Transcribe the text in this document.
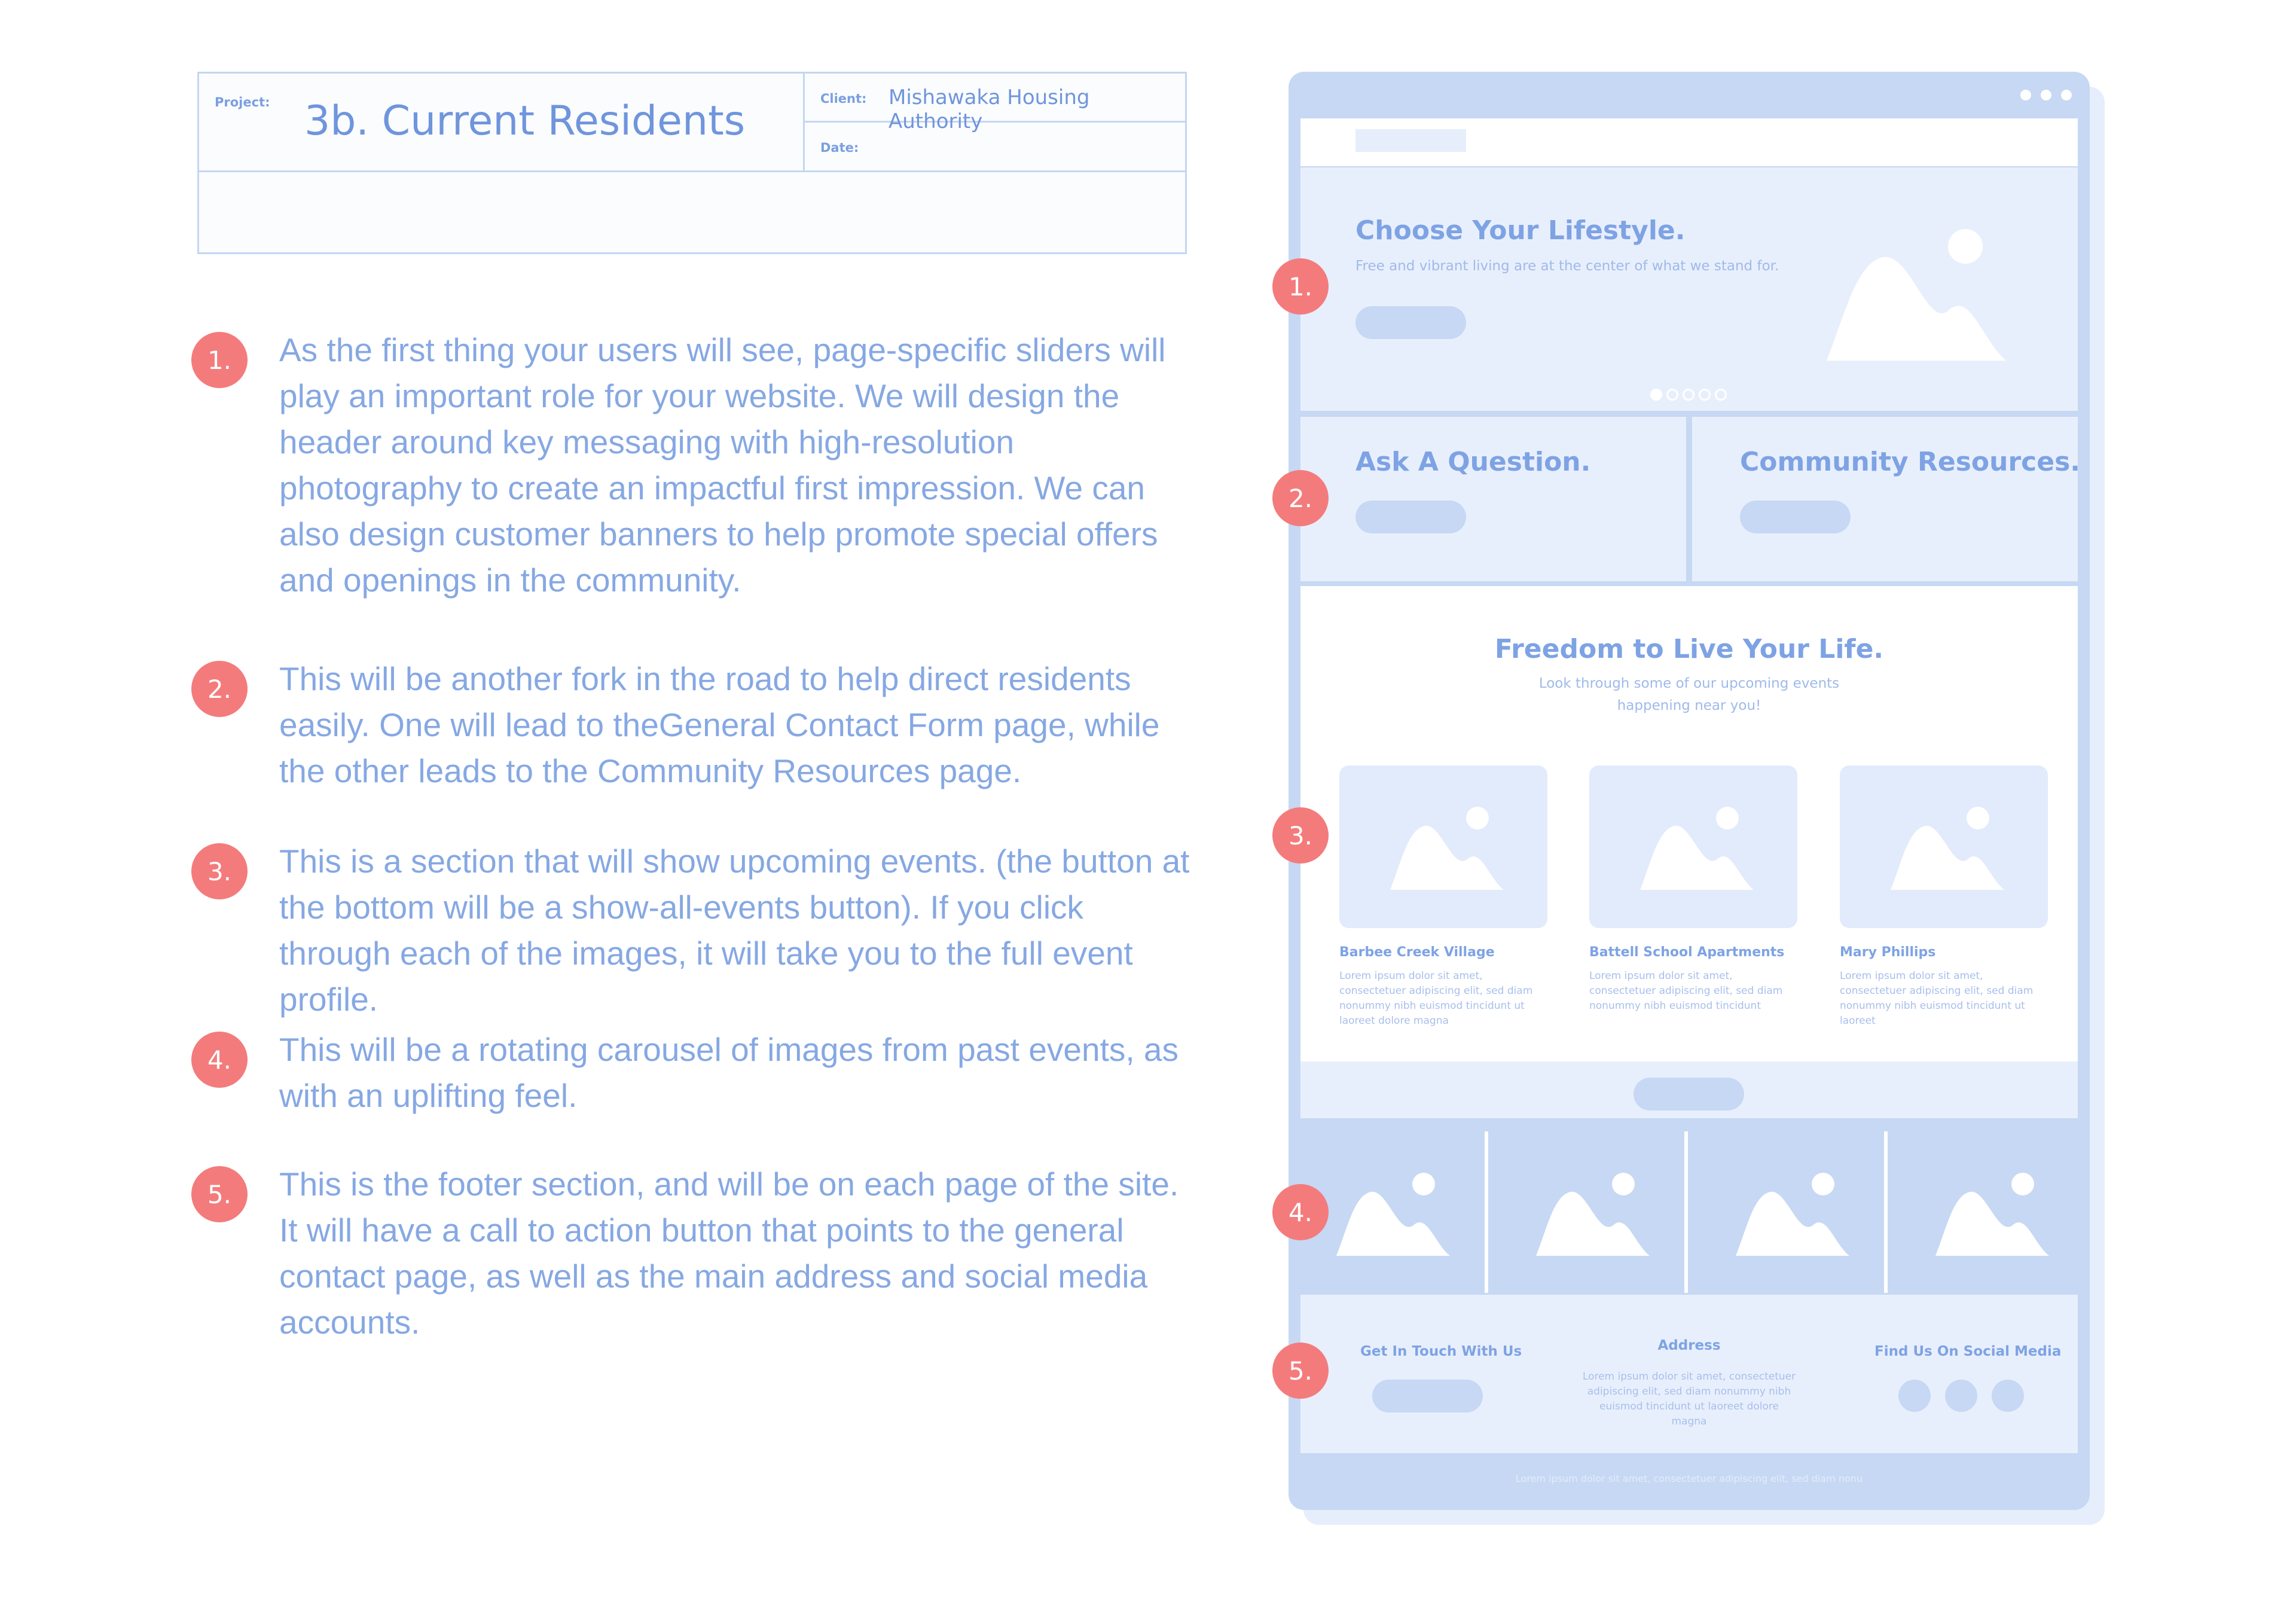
Project: 3b. Current Residents	Client: Mishawaka Housing Authority
Date:
1.	As the first thing your users will see, page-specific sliders will play an important role for your website. We will design the header around key messaging with high-resolution photography to create an impactful first impression. We can also design customer banners to help promote special offers and openings in the community.
2.	This will be another fork in the road to help direct residents easily. One will lead to theGeneral Contact Form page, while the other leads to the Community Resources page.
3.	This is a section that will show upcoming events. (the button at the bottom will be a show-all-events button). If you click through each of the images, it will take you to the full event profile.
4.	This will be a rotating carousel of images from past events, as with an uplifting feel.
5.	This is the footer section, and will be on each page of the site. It will have a call to action button that points to the general contact page, as well as the main address and social media accounts.
Choose Your Lifestyle.
Free and vibrant living are at the center of what we stand for.
Ask A Question.	Community Resources.
Freedom to Live Your Life.
Look through some of our upcoming events
happening near you!
Barbee Creek Village
Lorem ipsum dolor sit amet, consectetuer adipiscing elit, sed diam nonummy nibh euismod tincidunt ut laoreet dolore magna
Battell School Apartments
Lorem ipsum dolor sit amet, consectetuer adipiscing elit, sed diam nonummy nibh euismod tincidunt
Mary Phillips
Lorem ipsum dolor sit amet, consectetuer adipiscing elit, sed diam nonummy nibh euismod tincidunt ut laoreet
Get In Touch With Us	Address
Lorem ipsum dolor sit amet, consectetuer adipiscing elit, sed diam nonummy nibh euismod tincidunt ut laoreet dolore magna
Find Us On Social Media
Lorem ipsum dolor sit amet, consectetuer adipiscing elit, sed diam nonu
1.
2.
3.
4.
5.
